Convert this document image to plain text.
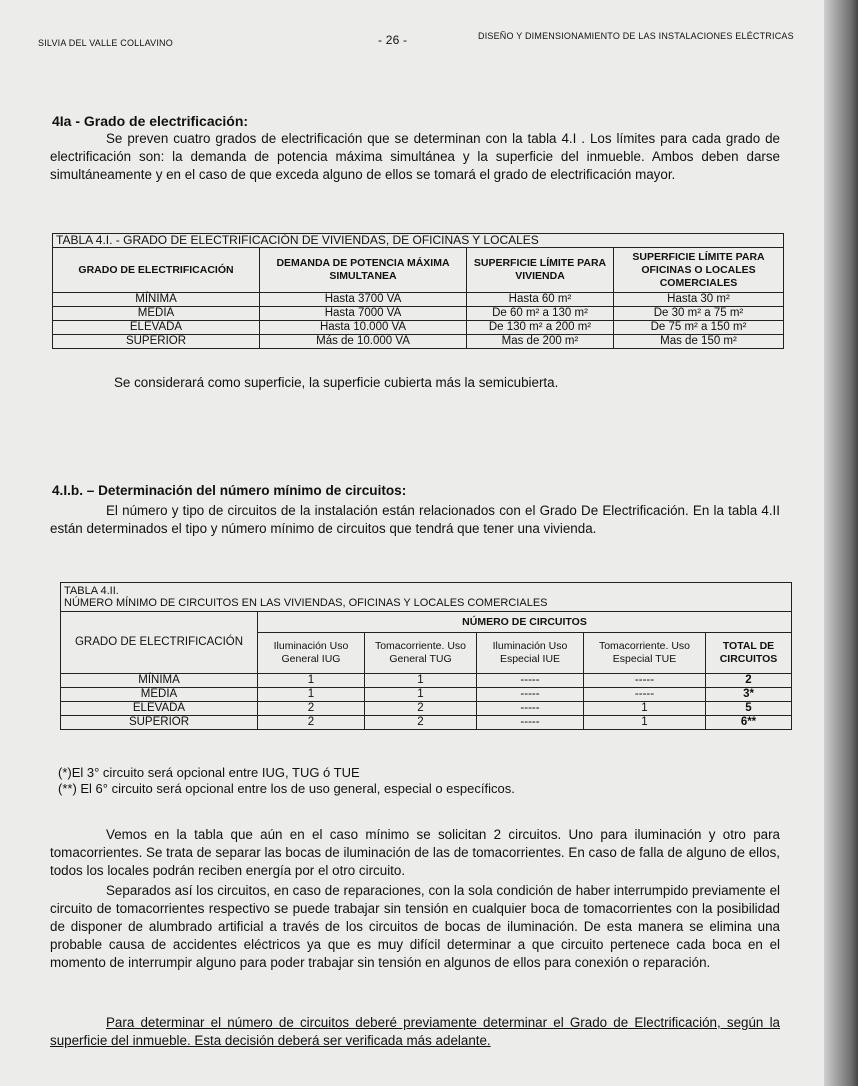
SILVIA DEL VALLE COLLAVINO	- 26 -	DISEÑO Y DIMENSIONAMIENTO DE LAS INSTALACIONES ELÉCTRICAS
4Ia - Grado de electrificación:
Se preven cuatro grados de electrificación que se determinan con la tabla 4.I . Los límites para cada grado de electrificación son: la demanda de potencia máxima simultánea y la superficie del inmueble. Ambos deben darse simultáneamente y en el caso de que exceda alguno de ellos se tomará el grado de electrificación mayor.
TABLA 4.I. - GRADO DE ELECTRIFICACIÓN DE VIVIENDAS, DE OFICINAS Y LOCALES			
GRADO DE ELECTRIFICACIÓN	DEMANDA DE POTENCIA MÁXIMA SIMULTANEA	SUPERFICIE LÍMITE PARA VIVIENDA	SUPERFICIE LÍMITE PARA OFICINAS O LOCALES COMERCIALES
MÍNIMA	Hasta 3700 VA	Hasta 60 m²	Hasta 30 m²
MEDIA	Hasta 7000 VA	De 60 m² a 130 m²	De 30 m² a 75 m²
ELEVADA	Hasta 10.000 VA	De 130 m² a 200 m²	De 75 m² a 150 m²
SUPERIOR	Más de 10.000 VA	Mas de 200 m²	Mas de 150 m²
Se considerará como superficie, la superficie cubierta más la semicubierta.
4.I.b. – Determinación del número mínimo de circuitos:
El número y tipo de circuitos de la instalación están relacionados con el Grado De Electrificación. En la tabla 4.II están determinados el tipo y número mínimo de circuitos que tendrá que tener una vivienda.
TABLA 4.II.
NÚMERO MÍNIMO DE CIRCUITOS EN LAS VIVIENDAS, OFICINAS Y LOCALES COMERCIALES					
GRADO DE ELECTRIFICACIÓN	NÚMERO DE CIRCUITOS				
	Iluminación Uso General IUG	Tomacorriente. Uso General TUG	Iluminación Uso Especial IUE	Tomacorriente. Uso Especial TUE	TOTAL DE CIRCUITOS
MÍNIMA	1	1	-----	-----	2
MEDIA	1	1	-----	-----	3*
ELEVADA	2	2	-----	1	5
SUPERIOR	2	2	-----	1	6**
(*)El 3° circuito será opcional entre IUG, TUG ó TUE
(**) El 6° circuito será opcional entre los de uso general, especial o específicos.
Vemos en la tabla que aún en el caso mínimo se solicitan 2 circuitos. Uno para iluminación y otro para tomacorrientes. Se trata de separar las bocas de iluminación de las de tomacorrientes. En caso de falla de alguno de ellos, todos los locales podrán reciben energía por el otro circuito.
Separados así los circuitos, en caso de reparaciones, con la sola condición de haber interrumpido previamente el circuito de tomacorrientes respectivo se puede trabajar sin tensión en cualquier boca de tomacorrientes con la posibilidad de disponer de alumbrado artificial a través de los circuitos de bocas de iluminación. De esta manera se elimina una probable causa de accidentes eléctricos ya que es muy difícil determinar a que circuito pertenece cada boca en el momento de interrumpir alguno para poder trabajar sin tensión en algunos de ellos para conexión o reparación.
Para determinar el número de circuitos deberé previamente determinar el Grado de Electrificación, según la superficie del inmueble. Esta decisión deberá ser verificada más adelante.
